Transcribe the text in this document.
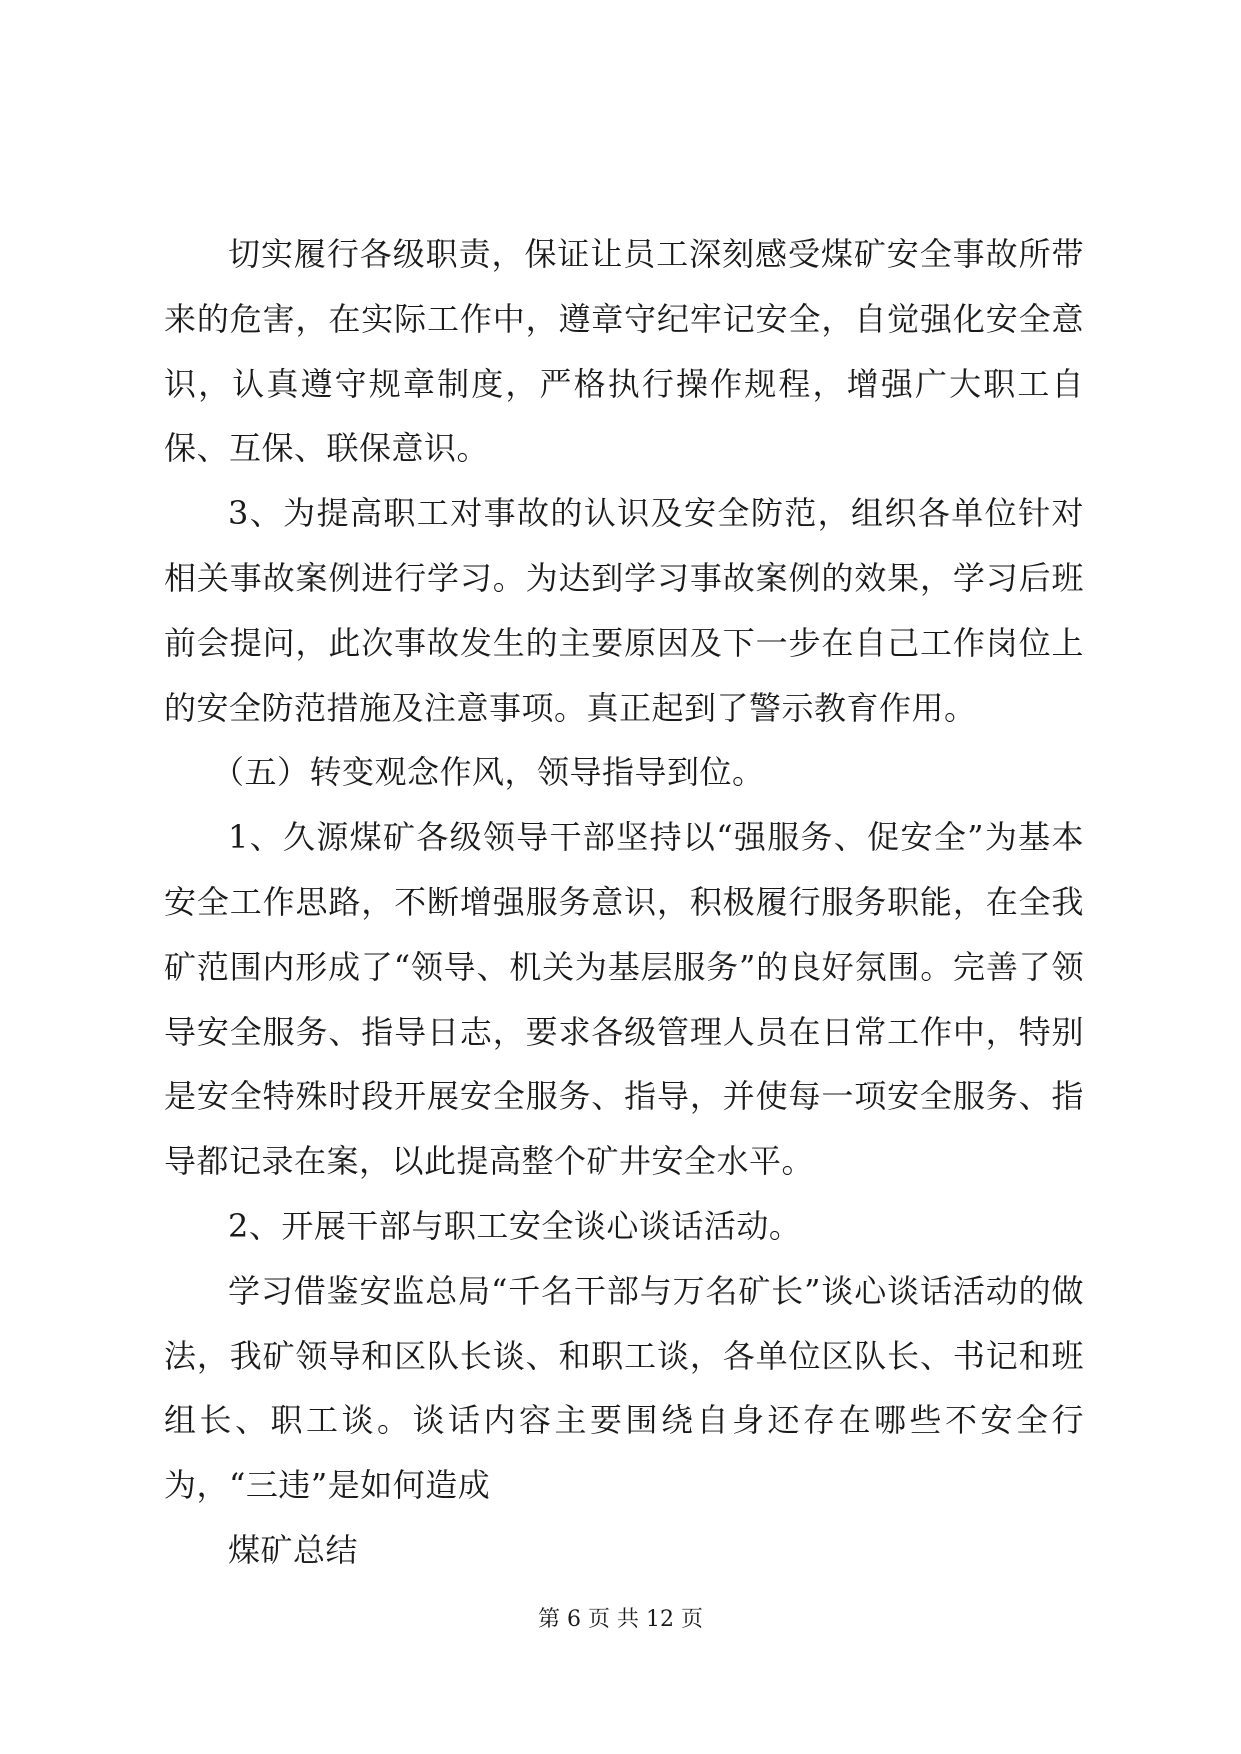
切实履行各级职责，保证让员工深刻感受煤矿安全事故所带来的危害，在实际工作中，遵章守纪牢记安全，自觉强化安全意识，认真遵守规章制度，严格执行操作规程，增强广大职工自保、互保、联保意识。

3、为提高职工对事故的认识及安全防范，组织各单位针对相关事故案例进行学习。为达到学习事故案例的效果，学习后班前会提问，此次事故发生的主要原因及下一步在自己工作岗位上的安全防范措施及注意事项。真正起到了警示教育作用。

（五）转变观念作风，领导指导到位。

1、久源煤矿各级领导干部坚持以“强服务、促安全”为基本安全工作思路，不断增强服务意识，积极履行服务职能，在全我矿范围内形成了“领导、机关为基层服务”的良好氛围。完善了领导安全服务、指导日志，要求各级管理人员在日常工作中，特别是安全特殊时段开展安全服务、指导，并使每一项安全服务、指导都记录在案，以此提高整个矿井安全水平。

2、开展干部与职工安全谈心谈话活动。

学习借鉴安监总局“千名干部与万名矿长”谈心谈话活动的做法，我矿领导和区队长谈、和职工谈，各单位区队长、书记和班组长、职工谈。谈话内容主要围绕自身还存在哪些不安全行为，“三违”是如何造成

煤矿总结

第 6 页 共 12 页
